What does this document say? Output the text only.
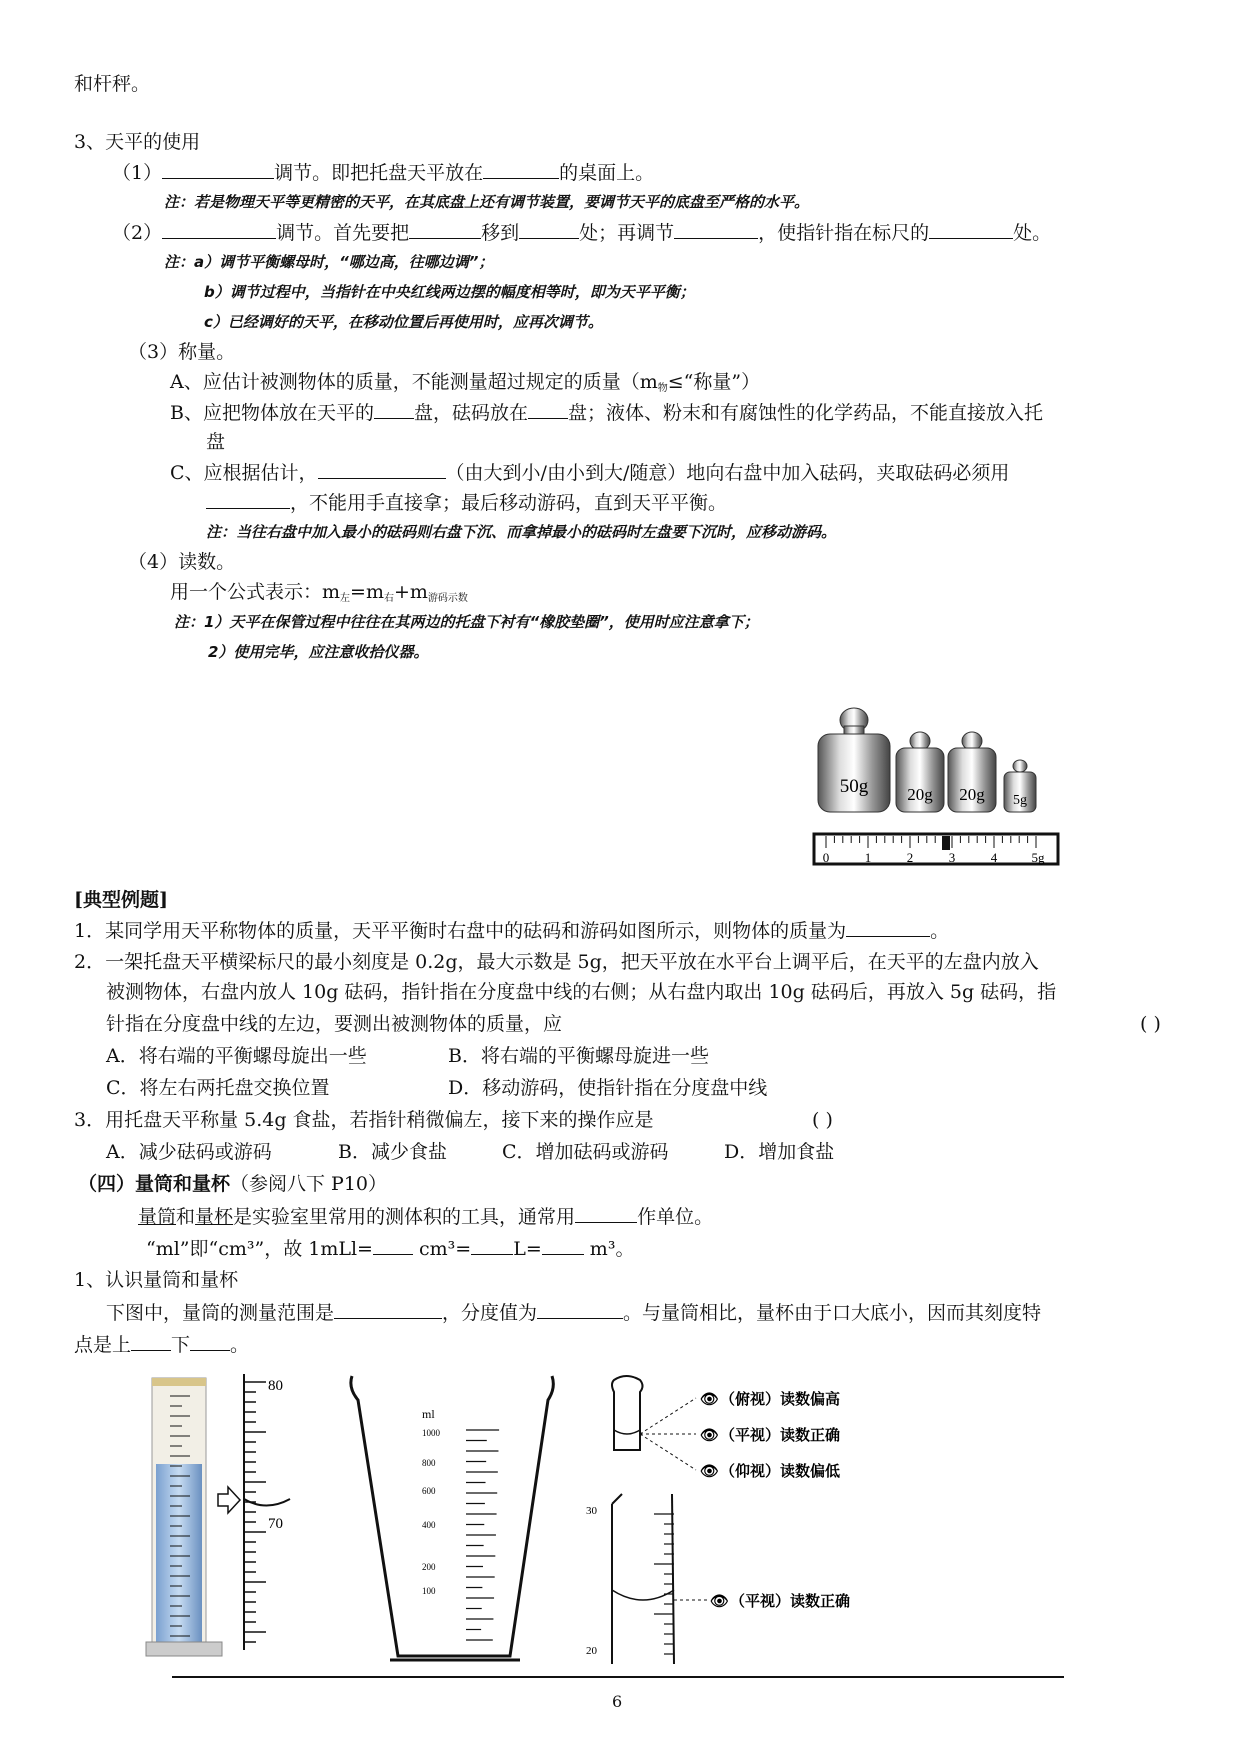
和杆秤。
3、天平的使用
（1）	调节。即把托盘天平放在	的桌面上。
注：若是物理天平等更精密的天平，在其底盘上还有调节装置，要调节天平的底盘至严格的水平。
（2）	调节。首先要把	移到	处；再调节	，使指针指在标尺的	处。
注：a）调节平衡螺母时，“哪边高，往哪边调”；
b）调节过程中，当指针在中央红线两边摆的幅度相等时，即为天平平衡；
c）已经调好的天平，在移动位置后再使用时，应再次调节。
（3）称量。
A、应估计被测物体的质量，不能测量超过规定的质量（$m_物\le“$称量”）
B、应把物体放在天平的 盘，砝码放在 盘；液体、粉末和有腐蚀性的化学药品，不能直接放入托
盘
C、应根据估计，	（由大到小/由小到大/随意）地向右盘中加入砝码，夹取砝码必须用
，不能用手直接拿；最后移动游码，直到天平平衡。
注：当往右盘中加入最小的砝码则右盘下沉、而拿掉最小的砝码时左盘要下沉时，应移动游码。
（4）读数。
用一个公式表示：$m_左=m_右+m_{游码示数}$
注：1）天平在保管过程中往往在其两边的托盘下衬有“橡胶垫圈”，使用时应注意拿下；
2）使用完毕，应注意收拾仪器。
50g 20g 20g 5g
0	1	2	3	4	5g
[典型例题]
1．某同学用天平称物体的质量，天平平衡时右盘中的砝码和游码如图所示，则物体的质量为	。
2．一架托盘天平横梁标尺的最小刻度是 0.2g，最大示数是 5g，把天平放在水平台上调平后，在天平的左盘内放入
被测物体，右盘内放人 10g 砝码，指针指在分度盘中线的右侧；从右盘内取出 10g 砝码后，再放入 5g 砝码，指
针指在分度盘中线的左边，要测出被测物体的质量，应	( )
A．将右端的平衡螺母旋出一些	B．将右端的平衡螺母旋进一些
C．将左右两托盘交换位置	D．移动游码，使指针指在分度盘中线
3．用托盘天平称量 5.4g 食盐，若指针稍微偏左，接下来的操作应是	( )
A．减少砝码或游码	B．减少食盐	C．增加砝码或游码	D．增加食盐
（四）量筒和量杯（参阅八下 P10）
量筒和量杯是实验室里常用的测体积的工具，通常用	作单位。
“ml”即“cm³”，故 1mLl= cm³= L= m³。
1、认识量筒和量杯
下图中，量筒的测量范围是	，分度值为	。与量筒相比，量杯由于口大底小，因而其刻度特
点是上 下 。
80
70
ml
1000
800
600
400
200
100
👁 （俯视）读数偏高
👁 （平视）读数正确
👁 （仰视）读数偏低
30
20
👁 （平视）读数正确
6
